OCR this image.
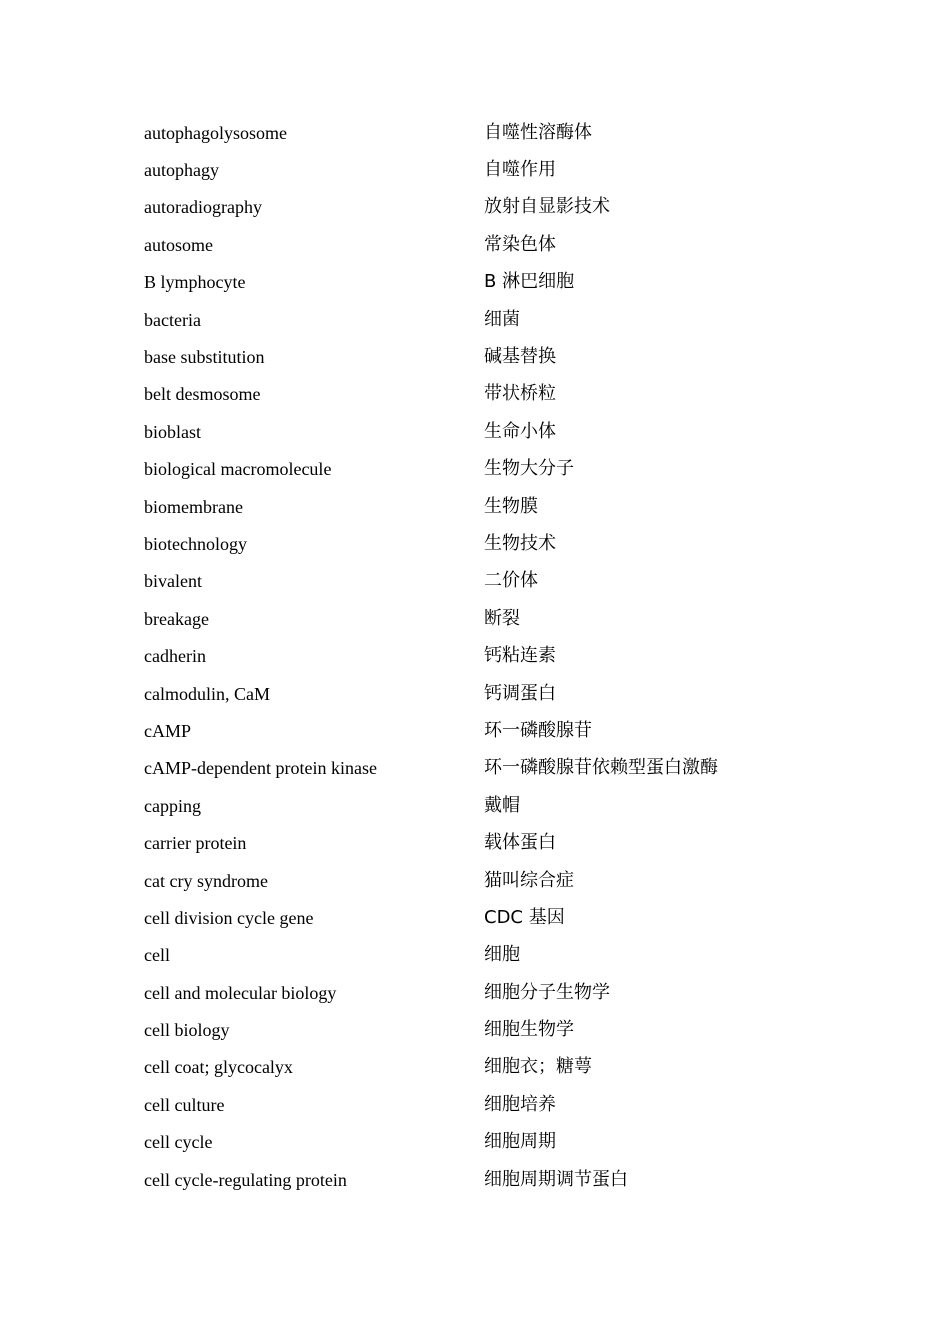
autophagolysosome	自噬性溶酶体
autophagy	自噬作用
autoradiography	放射自显影技术
autosome	常染色体
B lymphocyte	B 淋巴细胞
bacteria	细菌
base substitution	碱基替换
belt desmosome	带状桥粒
bioblast	生命小体
biological macromolecule	生物大分子
biomembrane	生物膜
biotechnology	生物技术
bivalent	二价体
breakage	断裂
cadherin	钙粘连素
calmodulin, CaM	钙调蛋白
cAMP	环一磷酸腺苷
cAMP-dependent protein kinase	环一磷酸腺苷依赖型蛋白激酶
capping	戴帽
carrier protein	载体蛋白
cat cry syndrome	猫叫综合症
cell division cycle gene	CDC 基因
cell	细胞
cell and molecular biology	细胞分子生物学
cell biology	细胞生物学
cell coat; glycocalyx	细胞衣；糖萼
cell culture	细胞培养
cell cycle	细胞周期
cell cycle-regulating protein	细胞周期调节蛋白
